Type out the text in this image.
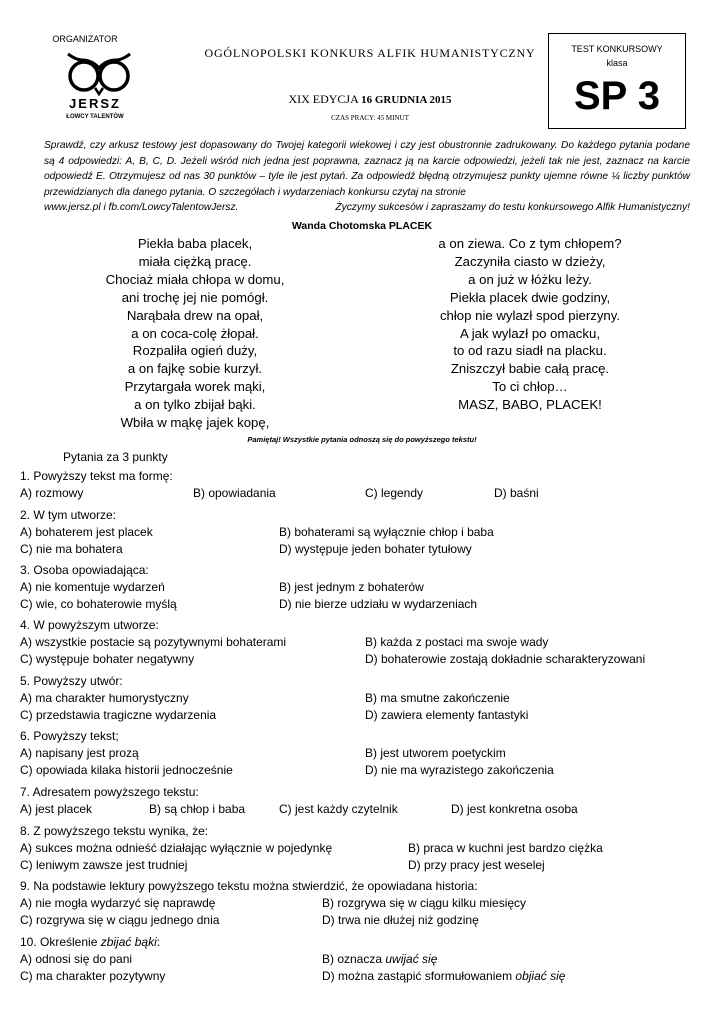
ORGANIZATOR
JERSZ
ŁOWCY TALENTÓW
OGÓLNOPOLSKI KONKURS ALFIK HUMANISTYCZNY
XIX EDYCJA 16 GRUDNIA 2015
CZAS PRACY: 45 MINUT
TEST KONKURSOWY
klasa
SP 3

Sprawdź, czy arkusz testowy jest dopasowany do Twojej kategorii wiekowej i czy jest obustronnie zadrukowany. Do każdego pytania podane są 4 odpowiedzi: A, B, C, D. Jeżeli wśród nich jedna jest poprawna, zaznacz ją na karcie odpowiedzi, jeżeli tak nie jest, zaznacz na karcie odpowiedź E. Otrzymujesz od nas 30 punktów – tyle ile jest pytań. Za odpowiedź błędną otrzymujesz punkty ujemne równe ¼ liczby punktów przewidzianych dla danego pytania. O szczegółach i wydarzeniach konkursu czytaj na stronie

www.jersz.pl i fb.com/LowcyTalentowJersz.	Życzymy sukcesów i zapraszamy do testu konkursowego Alfik Humanistyczny!
Wanda Chotomska PLACEK
Piekła baba placek,
miała ciężką pracę.
Chociaż miała chłopa w domu,
ani trochę jej nie pomógł.
Narąbała drew na opał,
a on coca-colę żłopał.
Rozpaliła ogień duży,
a on fajkę sobie kurzył.
Przytargała worek mąki,
a on tylko zbijał bąki.
Wbiła w mąkę jajek kopę,
a on ziewa. Co z tym chłopem?
Zaczyniła ciasto w dzieży,
a on już w łóżku leży.
Piekła placek dwie godziny,
chłop nie wylazł spod pierzyny.
A jak wylazł po omacku,
to od razu siadł na placku.
Zniszczył babie całą pracę.
To ci chłop…
MASZ, BABO, PLACEK!
Pamiętaj! Wszystkie pytania odnoszą się do powyższego tekstu!
Pytania za 3 punkty
1. Powyższy tekst ma formę:
A) rozmowy	B) opowiadania	C) legendy	D) baśni
2. W tym utworze:
A) bohaterem jest placek	B) bohaterami są wyłącznie chłop i baba
C) nie ma bohatera	D) występuje jeden bohater tytułowy
3. Osoba opowiadająca:
A) nie komentuje wydarzeń	B) jest jednym z bohaterów
C) wie, co bohaterowie myślą	D) nie bierze udziału w wydarzeniach
4. W powyższym utworze:
A) wszystkie postacie są pozytywnymi bohaterami	B) każda z postaci ma swoje wady
C) występuje bohater negatywny	D) bohaterowie zostają dokładnie scharakteryzowani
5. Powyższy utwór:
A) ma charakter humorystyczny	B) ma smutne zakończenie
C) przedstawia tragiczne wydarzenia	D) zawiera elementy fantastyki
6. Powyższy tekst;
A) napisany jest prozą	B) jest utworem poetyckim
C) opowiada kilaka historii jednocześnie	D) nie ma wyrazistego zakończenia
7. Adresatem powyższego tekstu:
A) jest placek	B) są chłop i baba	C) jest każdy czytelnik	D) jest konkretna osoba
8. Z powyższego tekstu wynika, że:
A) sukces można odnieść działając wyłącznie w pojedynkę	B) praca w kuchni jest bardzo ciężka
C) leniwym zawsze jest trudniej	D) przy pracy jest weselej
9. Na podstawie lektury powyższego tekstu można stwierdzić, że opowiadana historia:
A) nie mogła wydarzyć się naprawdę	B) rozgrywa się w ciągu kilku miesięcy
C) rozgrywa się w ciągu jednego dnia	D) trwa nie dłużej niż godzinę
10. Określenie zbijać bąki:
A) odnosi się do pani	B) oznacza uwijać się
C) ma charakter pozytywny	D) można zastąpić sformułowaniem objiać się
